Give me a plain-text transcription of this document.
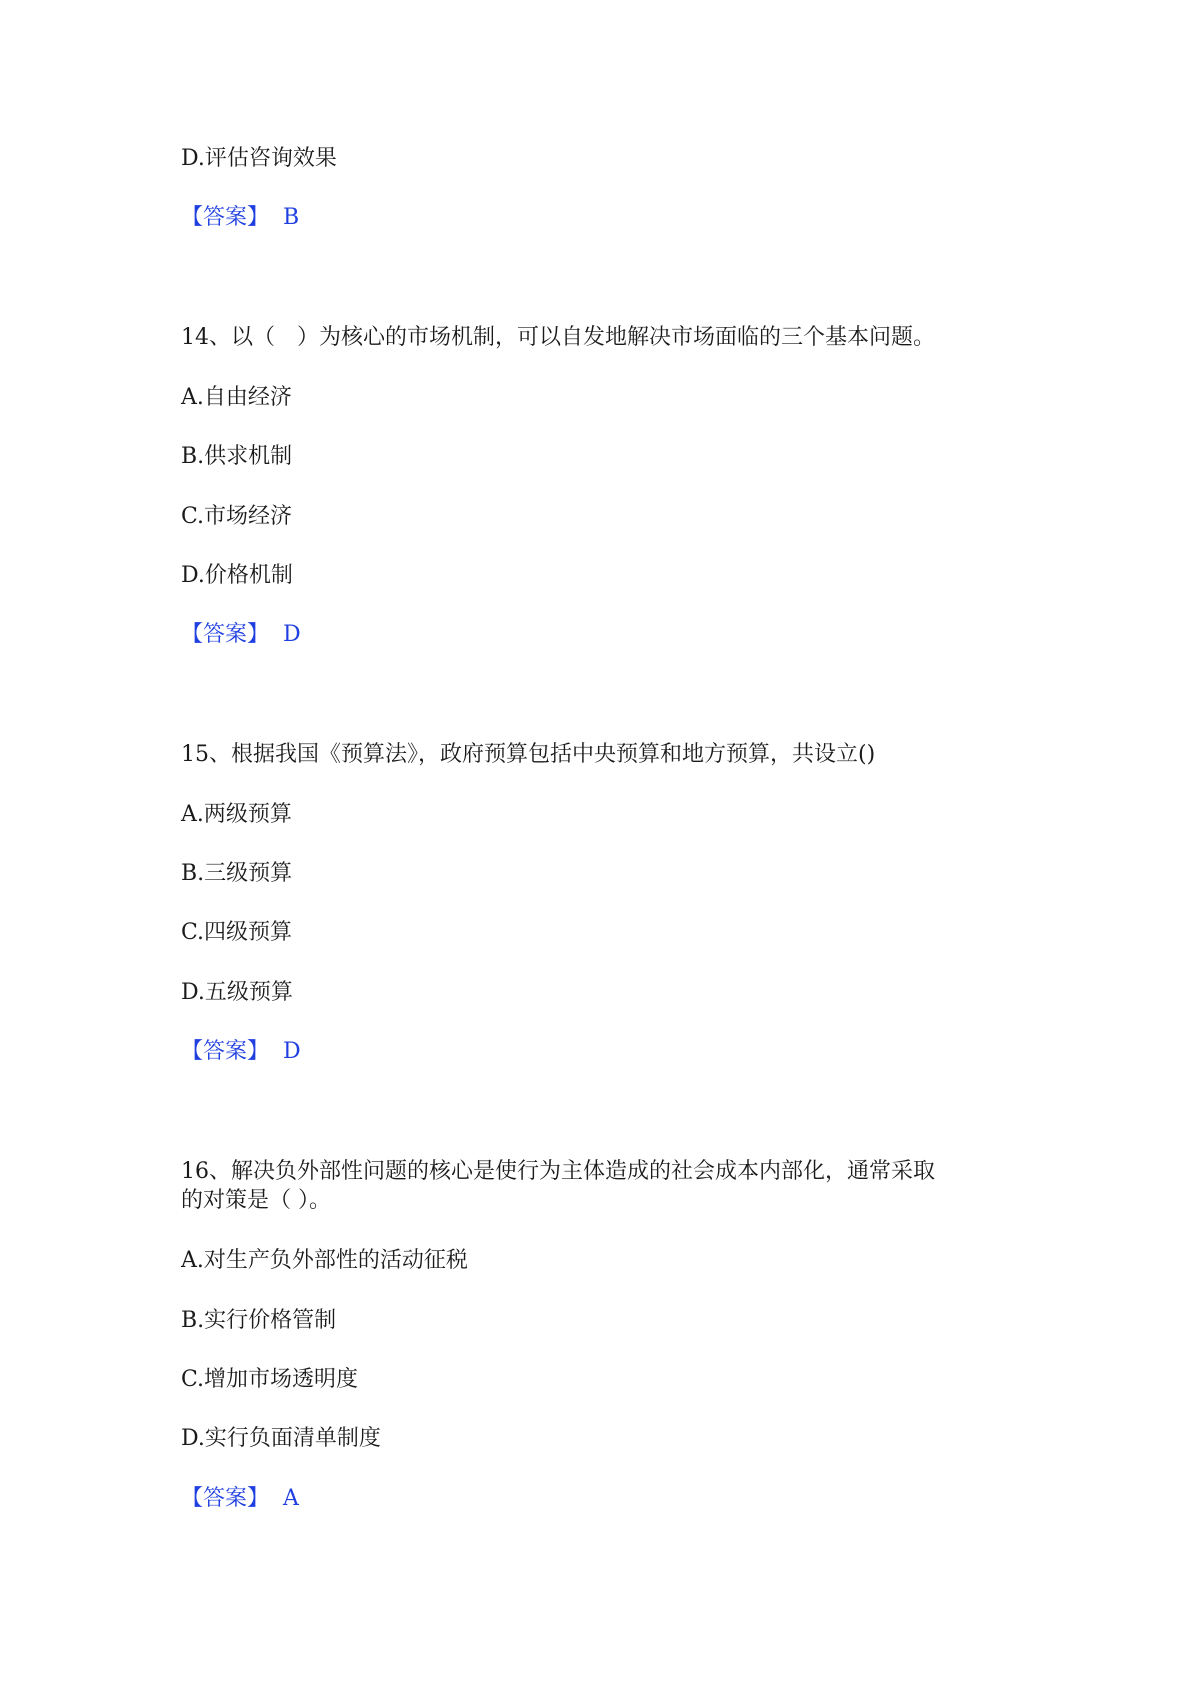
D.评估咨询效果
【答案】 B
14、以（　）为核心的市场机制，可以自发地解决市场面临的三个基本问题。
A.自由经济
B.供求机制
C.市场经济
D.价格机制
【答案】 D
15、根据我国《预算法》，政府预算包括中央预算和地方预算，共设立()
A.两级预算
B.三级预算
C.四级预算
D.五级预算
【答案】 D
16、解决负外部性问题的核心是使行为主体造成的社会成本内部化，通常采取
的对策是（ ）。
A.对生产负外部性的活动征税
B.实行价格管制
C.增加市场透明度
D.实行负面清单制度
【答案】 A
